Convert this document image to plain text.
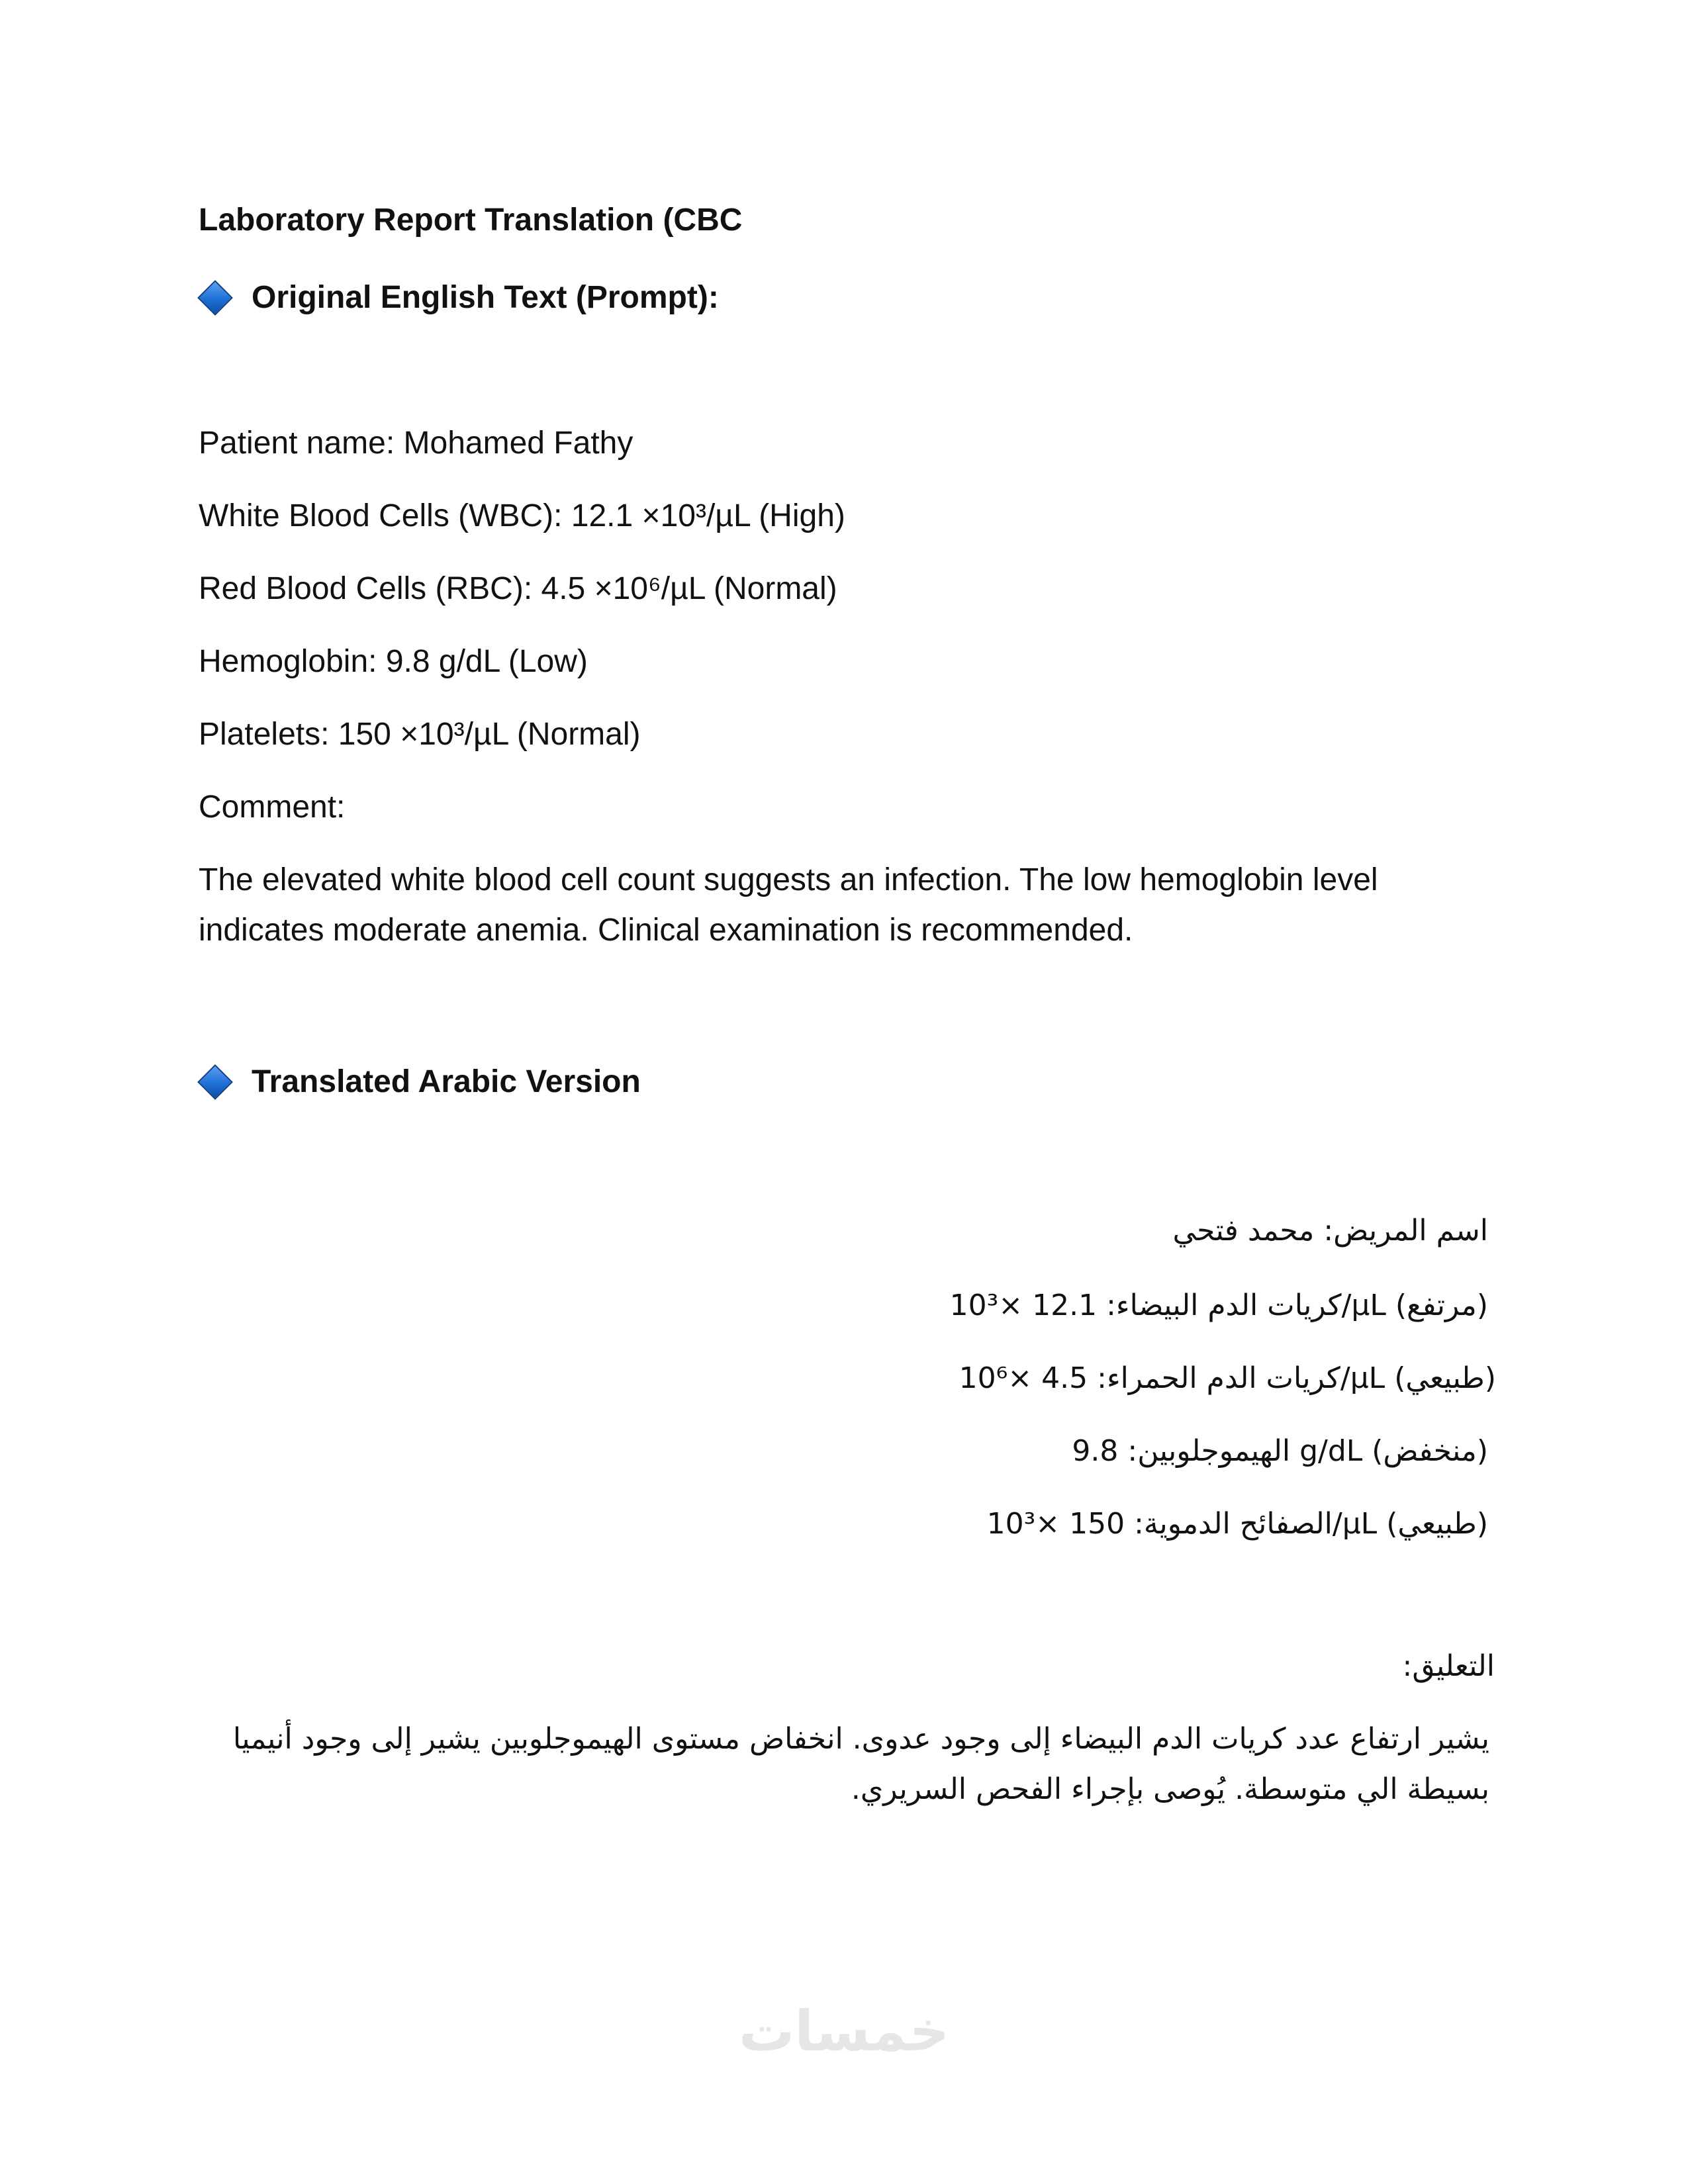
Laboratory Report Translation (CBC
Original English Text (Prompt):
Patient name: Mohamed Fathy
White Blood Cells (WBC): 12.1 ×10³/µL (High)
Red Blood Cells (RBC): 4.5 ×10⁶/µL (Normal)
Hemoglobin: 9.8 g/dL (Low)
Platelets: 150 ×10³/µL (Normal)
Comment:
The elevated white blood cell count suggests an infection. The low hemoglobin level indicates moderate anemia. Clinical examination is recommended.
Translated Arabic Version
اسم المريض: محمد فتحي
(مرتفع) µL/كريات الدم البيضاء: 12.1 ×10³
(طبيعي) µL/كريات الدم الحمراء: 4.5 ×10⁶
(منخفض) g/dL الهيموجلوبين: 9.8
(طبيعي) µL/الصفائح الدموية: 150 ×10³
التعليق:
يشير ارتفاع عدد كريات الدم البيضاء إلى وجود عدوى. انخفاض مستوى الهيموجلوبين يشير إلى وجود أنيميا بسيطة الي متوسطة. يُوصى بإجراء الفحص السريري.
خمسات
